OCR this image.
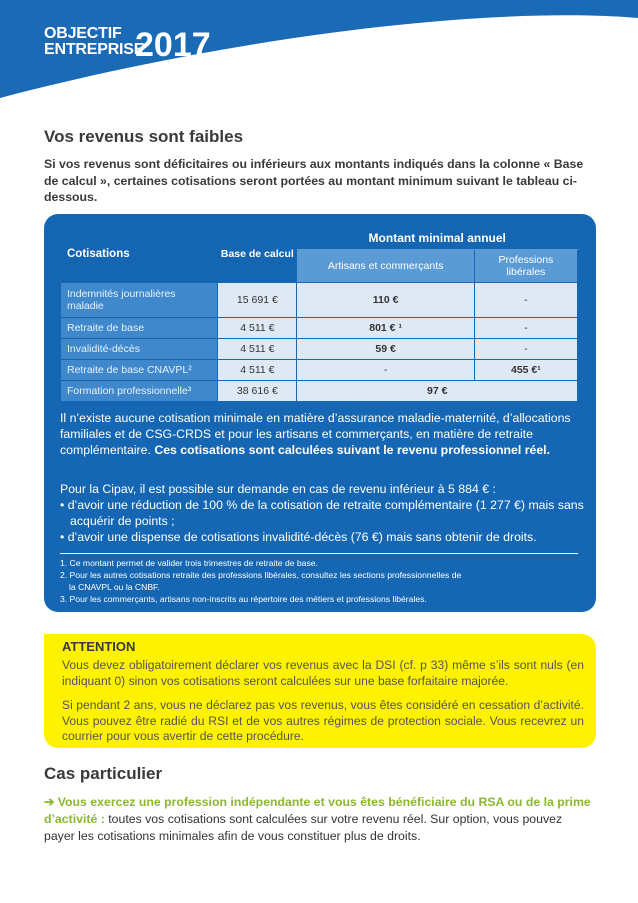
OBJECTIF
ENTREPRISE
2017
Vos revenus sont faibles
Si vos revenus sont déficitaires ou inférieurs aux montants indiqués dans la colonne « Base de calcul », certaines cotisations seront portées au montant minimum suivant le tableau ci-dessous.
Cotisations	Base de calcul	Montant minimal annuel	
		Artisans et commerçants	Professions libérales
Indemnités journalières maladie	15 691 €	110 €	-
Retraite de base	4 511 €	801 € ¹	-
Invalidité-décès	4 511 €	59 €	-
Retraite de base CNAVPL²	4 511 €	-	455 €¹
Formation professionnelle³	38 616 €	97 €	
Il n’existe aucune cotisation minimale en matière d’assurance maladie-maternité, d’allocations familiales et de CSG-CRDS et pour les artisans et commerçants, en matière de retraite complémentaire. Ces cotisations sont calculées suivant le revenu professionnel réel.
Pour la Cipav, il est possible sur demande en cas de revenu inférieur à 5 884 € :
• d’avoir une réduction de 100 % de la cotisation de retraite complémentaire (1 277 €) mais sans acquérir de points ;
• d’avoir une dispense de cotisations invalidité-décès (76 €) mais sans obtenir de droits.
1. Ce montant permet de valider trois trimestres de retraite de base.
2. Pour les autres cotisations retraite des professions libérales, consultez les sections professionnelles de
la CNAVPL ou la CNBF.
3. Pour les commerçants, artisans non-inscrits au répertoire des métiers et professions libérales.
ATTENTION
Vous devez obligatoirement déclarer vos revenus avec la DSI (cf. p 33) même s’ils sont nuls (en indiquant 0) sinon vos cotisations seront calculées sur une base forfaitaire majorée.
Si pendant 2 ans, vous ne déclarez pas vos revenus, vous êtes considéré en cessation d’activité. Vous pouvez être radié du RSI et de vos autres régimes de protection sociale. Vous recevrez un courrier pour vous avertir de cette procédure.
Cas particulier
➔ Vous exercez une profession indépendante et vous êtes bénéficiaire du RSA ou de la prime d’activité : toutes vos cotisations sont calculées sur votre revenu réel. Sur option, vous pouvez payer les cotisations minimales afin de vous constituer plus de droits.
